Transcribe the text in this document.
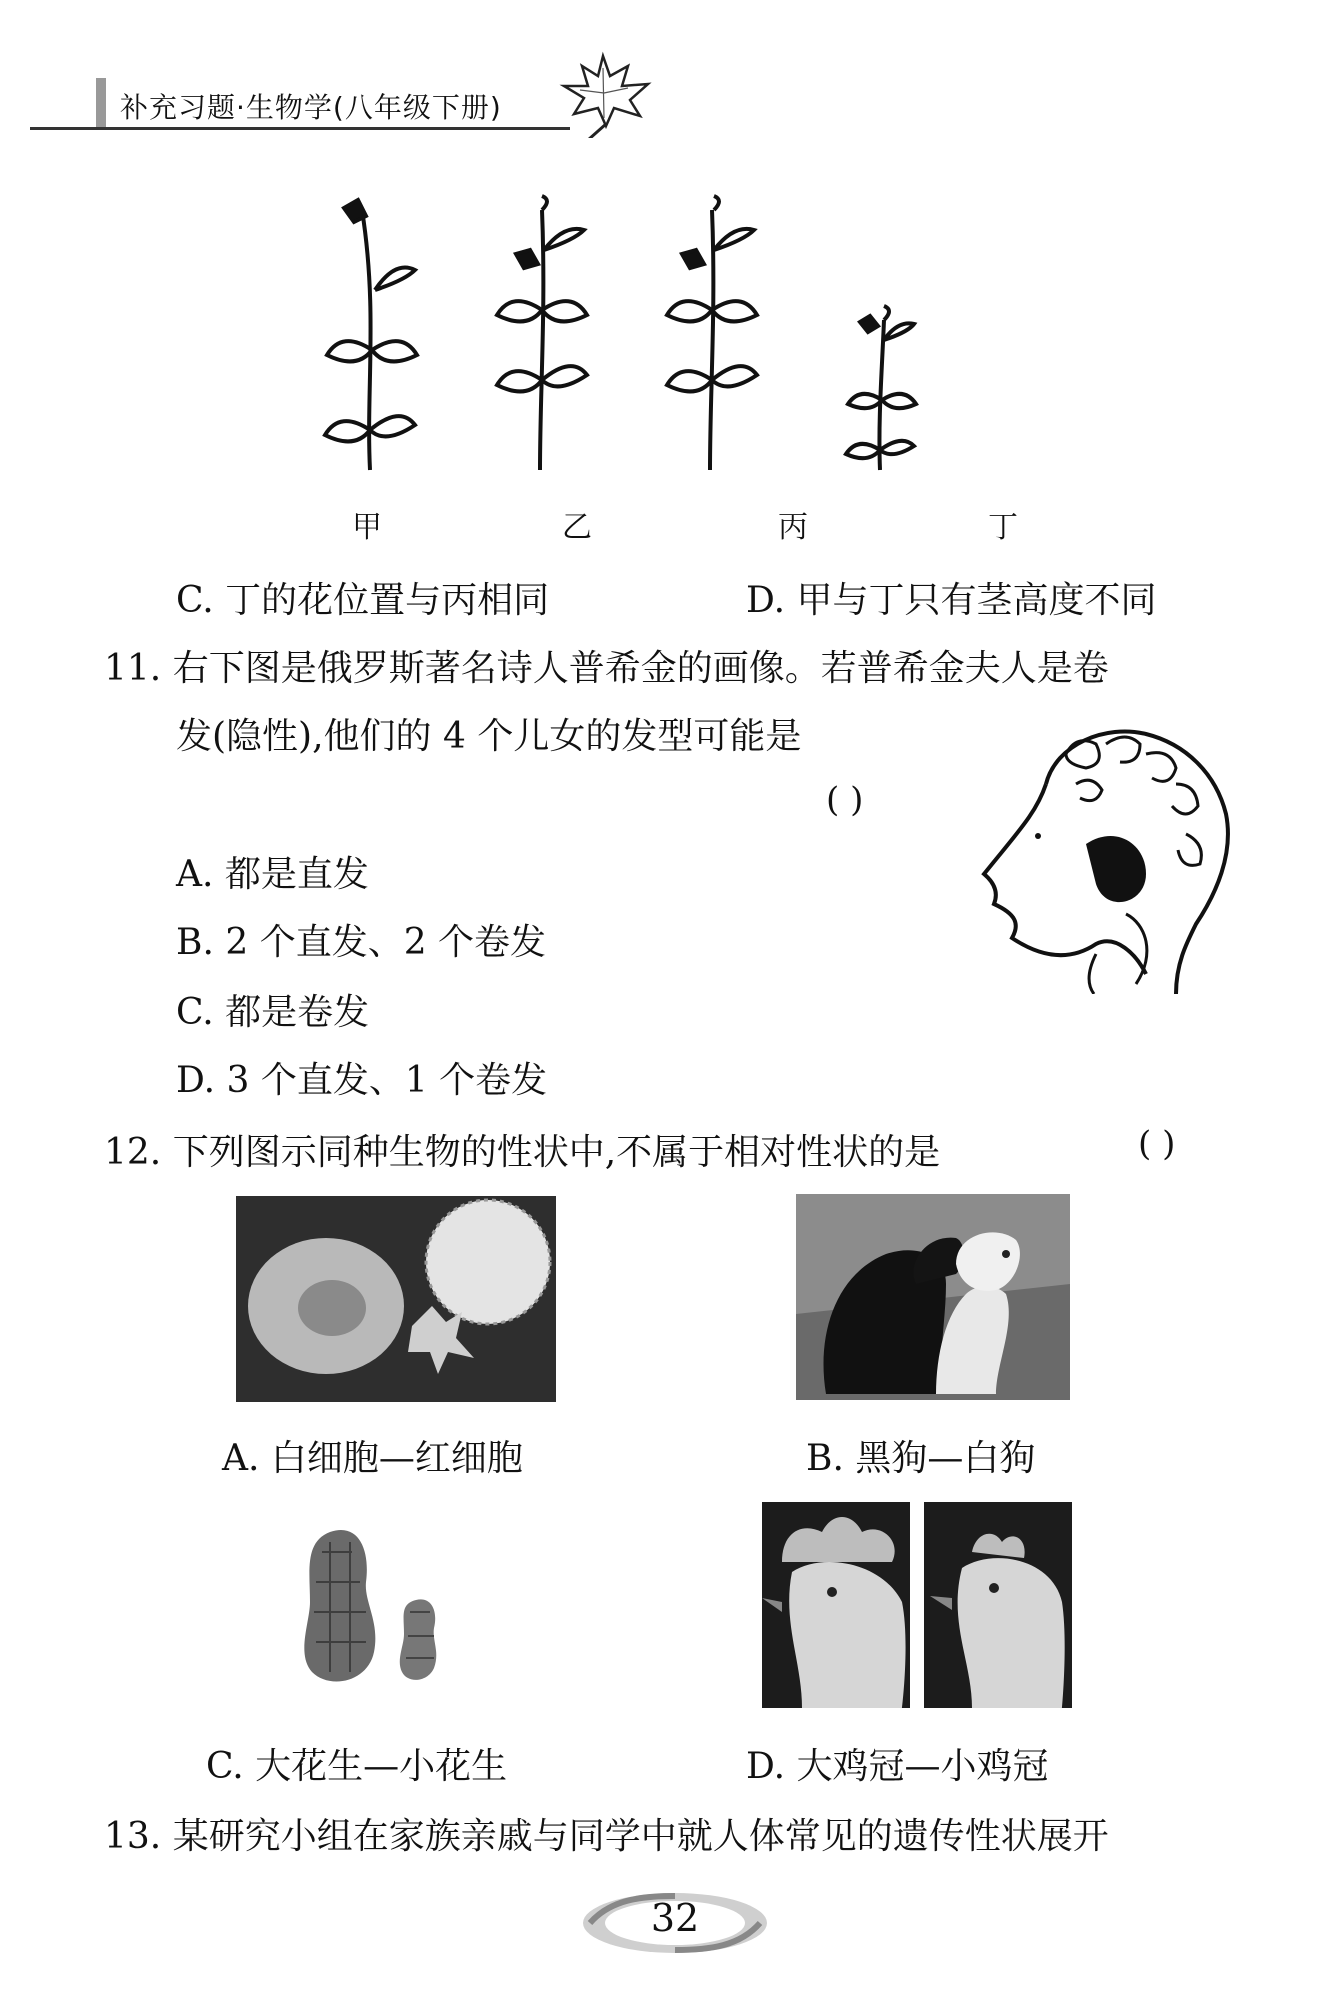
补充习题·生物学(八年级下册)
甲	乙	丙	丁
C. 丁的花位置与丙相同	D. 甲与丁只有茎高度不同
11. 右下图是俄罗斯著名诗人普希金的画像。若普希金夫人是卷
发(隐性),他们的 4 个儿女的发型可能是
( )
A. 都是直发
B. 2 个直发、2 个卷发
C. 都是卷发
D. 3 个直发、1 个卷发
12. 下列图示同种生物的性状中,不属于相对性状的是	( )
A. 白细胞—红细胞	B. 黑狗—白狗
C. 大花生—小花生	D. 大鸡冠—小鸡冠
13. 某研究小组在家族亲戚与同学中就人体常见的遗传性状展开
32
